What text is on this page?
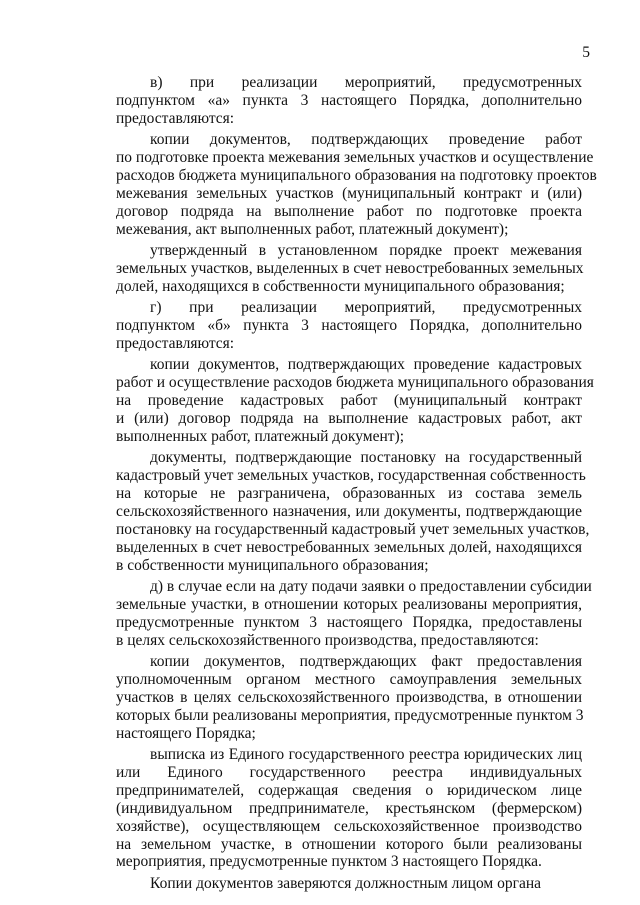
5
в) при реализации мероприятий, предусмотренных
подпунктом «а» пункта 3 настоящего Порядка, дополнительно
предоставляются:
копии документов, подтверждающих проведение работ
по подготовке проекта межевания земельных участков и осуществление
расходов бюджета муниципального образования на подготовку проектов
межевания земельных участков (муниципальный контракт и (или)
договор подряда на выполнение работ по подготовке проекта
межевания, акт выполненных работ, платежный документ);
утвержденный в установленном порядке проект межевания
земельных участков, выделенных в счет невостребованных земельных
долей, находящихся в собственности муниципального образования;
г) при реализации мероприятий, предусмотренных
подпунктом «б» пункта 3 настоящего Порядка, дополнительно
предоставляются:
копии документов, подтверждающих проведение кадастровых
работ и осуществление расходов бюджета муниципального образования
на проведение кадастровых работ (муниципальный контракт
и (или) договор подряда на выполнение кадастровых работ, акт
выполненных работ, платежный документ);
документы, подтверждающие постановку на государственный
кадастровый учет земельных участков, государственная собственность
на которые не разграничена, образованных из состава земель
сельскохозяйственного назначения, или документы, подтверждающие
постановку на государственный кадастровый учет земельных участков,
выделенных в счет невостребованных земельных долей, находящихся
в собственности муниципального образования;
д) в случае если на дату подачи заявки о предоставлении субсидии
земельные участки, в отношении которых реализованы мероприятия,
предусмотренные пунктом 3 настоящего Порядка, предоставлены
в целях сельскохозяйственного производства, предоставляются:
копии документов, подтверждающих факт предоставления
уполномоченным органом местного самоуправления земельных
участков в целях сельскохозяйственного производства, в отношении
которых были реализованы мероприятия, предусмотренные пунктом 3
настоящего Порядка;
выписка из Единого государственного реестра юридических лиц
или Единого государственного реестра индивидуальных
предпринимателей, содержащая сведения о юридическом лице
(индивидуальном предпринимателе, крестьянском (фермерском)
хозяйстве), осуществляющем сельскохозяйственное производство
на земельном участке, в отношении которого были реализованы
мероприятия, предусмотренные пунктом 3 настоящего Порядка.
Копии документов заверяются должностным лицом органа
